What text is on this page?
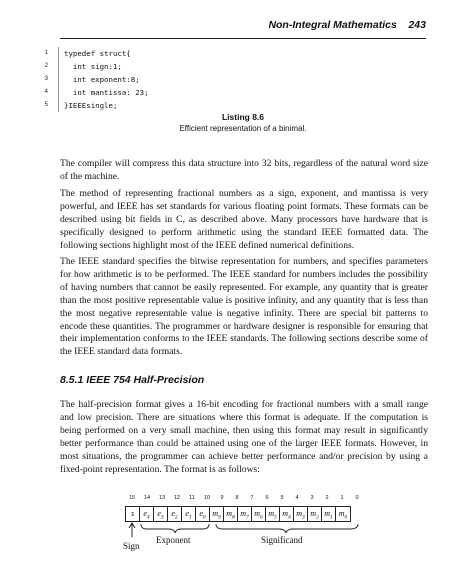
Non-Integral Mathematics 243
1 typedef struct{
2 int sign:1;
3 int exponent:8;
4 int mantissa: 23;
5 }IEEEsingle;
Listing 8.6
Efficient representation of a binimal.

The compiler will compress this data structure into 32 bits, regardless of the natural word size of the machine.

The method of representing fractional numbers as a sign, exponent, and mantissa is very powerful, and IEEE has set standards for various floating point formats. These formats can be described using bit fields in C, as described above. Many processors have hardware that is specifically designed to perform arithmetic using the standard IEEE formatted data. The following sections highlight most of the IEEE defined numerical definitions.

The IEEE standard specifies the bitwise representation for numbers, and specifies parameters for how arithmetic is to be performed. The IEEE standard for numbers includes the possibility of having numbers that cannot be easily represented. For example, any quantity that is greater than the most positive representable value is positive infinity, and any quantity that is less than the most negative representable value is negative infinity. There are special bit patterns to encode these quantities. The programmer or hardware designer is responsible for ensuring that their implementation conforms to the IEEE standards. The following sections describe some of the IEEE standard data formats.

8.5.1 IEEE 754 Half-Precision

The half-precision format gives a 16-bit encoding for fractional numbers with a small range and low precision. There are situations where this format is adequate. If the computation is being performed on a very small machine, then using this format may result in significantly better performance than could be attained using one of the larger IEEE formats. However, in most situations, the programmer can achieve better performance and/or precision by using a fixed-point representation. The format is as follows:

15	14	13	12	11	10	9	8	7	6	5	4	3	2	1	0
s	$e_4$ $e_3$ $e_2$ $e_1$ $e_0$ $m_9$ $m_8$ $m_7$ $m_6$ $m_5$ $m_4$ $m_3$ $m_2$ $m_1$ $m_0$
Sign
Exponent	Significand
